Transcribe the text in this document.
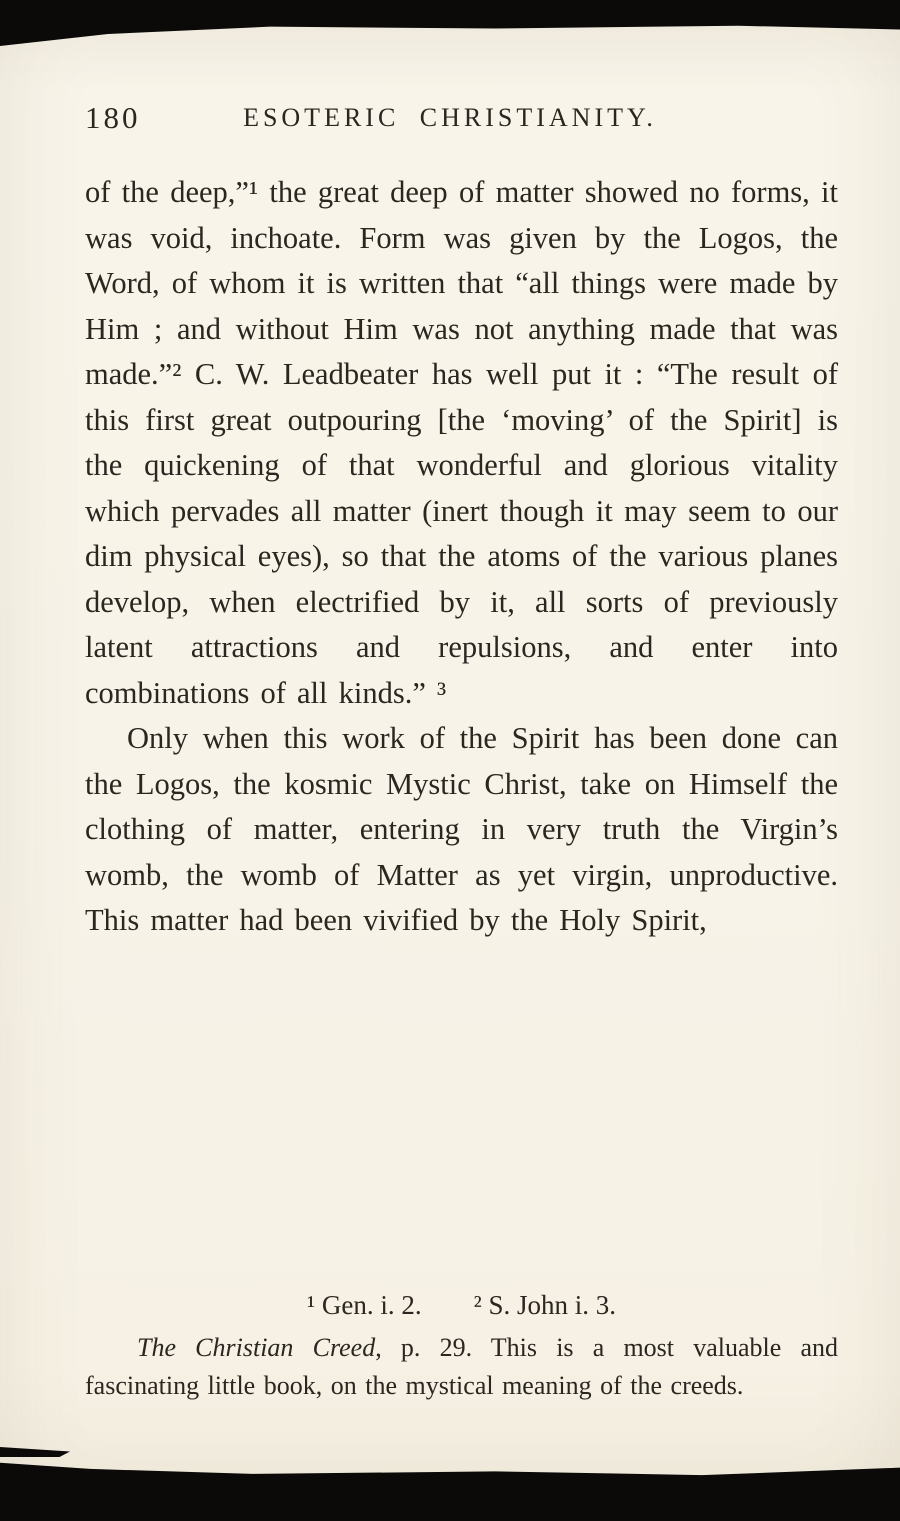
180	ESOTERIC CHRISTIANITY.

of the deep,”¹ the great deep of matter showed no forms, it was void, inchoate. Form was given by the Logos, the Word, of whom it is written that “all things were made by Him ; and without Him was not anything made that was made.”² C. W. Leadbeater has well put it : “The result of this first great outpouring [the ‘moving’ of the Spirit] is the quickening of that wonderful and glorious vitality which pervades all matter (inert though it may seem to our dim physical eyes), so that the atoms of the various planes develop, when electrified by it, all sorts of previously latent attractions and repulsions, and enter into combinations of all kinds.” ³

Only when this work of the Spirit has been done can the Logos, the kosmic Mystic Christ, take on Himself the clothing of matter, entering in very truth the Virgin’s womb, the womb of Matter as yet virgin, unproductive. This matter had been vivified by the Holy Spirit,

¹ Gen. i. 2. ² S. John i. 3.

The Christian Creed, p. 29. This is a most valuable and fascinating little book, on the mystical meaning of the creeds.
